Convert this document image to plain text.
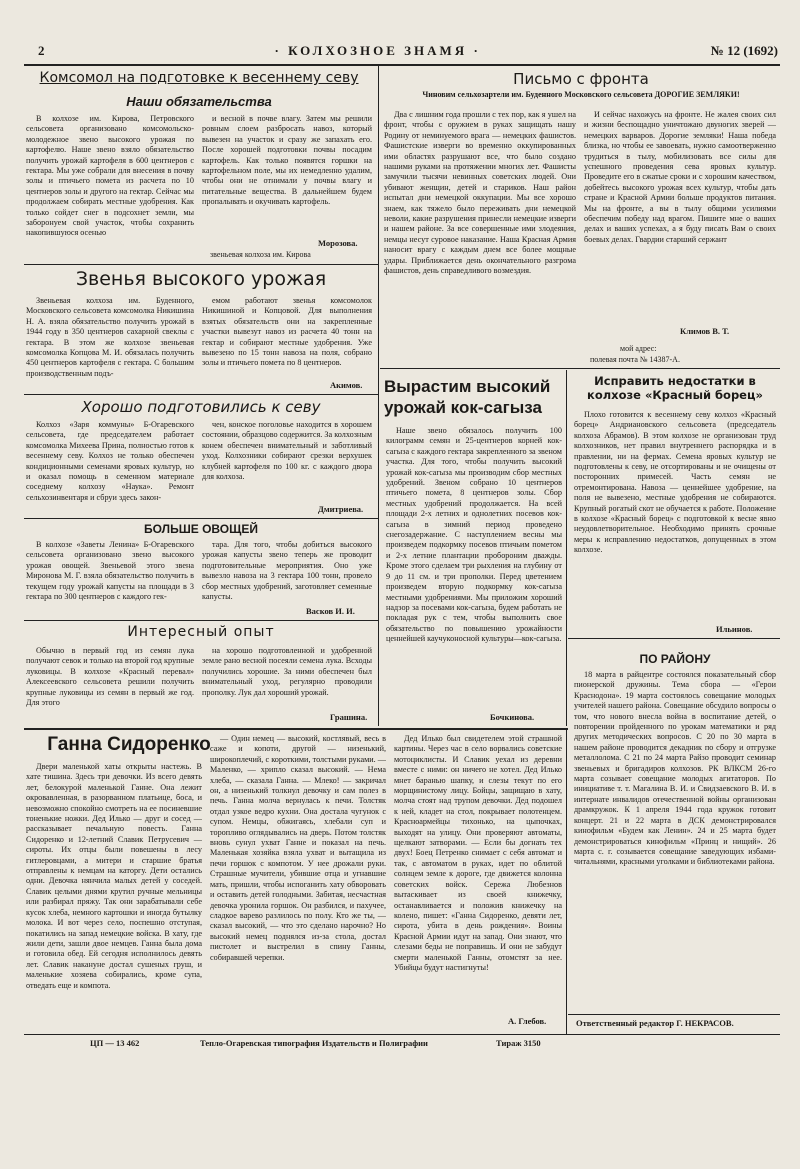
2	· КОЛХОЗНОЕ ЗНАМЯ ·	№ 12 (1692)
Комсомол на подготовке к весеннему севу
Наши обязательства

В колхозе им. Кирова, Петровского сельсовета организовано комсомольско-молодежное звено высокого урожая по картофелю. Наше звено взяло обязательство получить урожай картофеля в 600 центнеров с гектара. Мы уже собрали для внесения в почву золы и птичьего помета из расчета по 10 центнеров золы и другого на гектар. Сейчас мы продолжаем собирать местные удобрения. Как только сойдет снег в подсохнет земли, мы заборонуем свой участок, чтобы сохранить накопившуюся осенью

и весной в почве влагу. Затем мы решили ровным слоем разбросать навоз, который вывезен на участок и сразу же запахать его. После хорошей подготовки почвы посадим картофель. Как только появятся горшки на картофельном поле, мы их немедленно удалим, чтобы они не отнимали у почвы влагу и питательные вещества. В дальнейшем будем пропалывать и окучивать картофель.

Морозова.
звеньевая колхоза им. Кирова
Звенья высокого урожая

Звеньевая колхоза им. Буденного, Московского сельсовета комсомолка Никишина Н. А. взяла обязательство получить урожай в 1944 году в 350 центнеров сахарной свеклы с гектара. В этом же колхозе звеньевая комсомолка Копцова М. И. обязалась получить 450 центнеров картофеля с гектара. С большим производственным подъ-

емом работают звенья комсомолок Никишиной и Копцовой. Для выполнения взятых обязательств они на закрепленные участки вывезут навоз из расчета 40 тонн на гектар и собирают местные удобрения. Уже вывезено по 15 тонн навоза на поля, собрано золы и птичьего помета по 8 центнеров.

Акимов.
Хорошо подготовились к севу

Колхоз «Заря коммуны» Б-Огаревского сельсовета, где председателем работает комсомолка Михеева Прина, полностью готов к весеннему севу. Колхоз не только обеспечен кондиционными семенами яровых культур, но и оказал помощь в семенном материале соседнему колхозу «Наука». Ремонт сельхозинвентаря и сбруи здесь закон-

чен, конское поголовье находится в хорошем состоянии, образцово содержится. За колхозным конем обеспечен внимательный и заботливый уход. Колхозники собирают срезки верхушек клубней картофеля по 100 кг. с каждого двора для колхоза.

Дмитриева.
БОЛЬШЕ ОВОЩЕЙ

В колхозе «Заветы Ленина» Б-Огаревского сельсовета организовано звено высокого урожая овощей. Звеньевой этого звена Миронова М. Г. взяла обязательство получить в текущем году урожай капусты на площади в 3 гектара по 300 центнеров с каждого гек-

тара. Для того, чтобы добиться высокого урожая капусты звено теперь же проводит подготовительные мероприятия. Оно уже вывезло навоза на 3 гектара 100 тонн, провело сбор местных удобрений, заготовляет семенные капусты.

Васков И. И.
Интересный опыт

Обычно в первый год из семян лука получают севок и только на второй год крупные луковицы. В колхозе «Красный перевал» Алексеевского сельсовета решили получить крупные луковицы из семян в первый же год. Для этого

на хорошо подготовленной и удобренной земле рано весной посеяли семена лука. Всходы получились хорошие. За ними обеспечен был внимательный уход, регулярно проводили прополку. Лук дал хороший урожай.

Грашина.
Письмо с фронта
Чиновим сельхозартели им. Буденного Московского сельсовета ДОРОГИЕ ЗЕМЛЯКИ!

Два с лишним года прошли с тех пор, как я ушел на фронт, чтобы с оружием в руках защищать нашу Родину от неминуемого врага — немецких фашистов. Фашистские изверги во временно оккупированных ими областях разрушают все, что было создано нашими руками на протяжении многих лет. Фашисты замучили тысячи невинных советских людей. Они убивают женщин, детей и стариков. Наш район испытал дни немецкой оккупации. Мы все хорошо знаем, как тяжело было переживать дни немецкой неволи, какие разрушения принесли немецкие изверги и нашем районе. За все совершенные ими злодеяния, немцы несут суровое наказание. Наша Красная Армия наносит врагу с каждым днем все более мощные удары. Приближается день окончательного разгрома фашистов, день справедливого возмездия.

И сейчас нахожусь на фронте. Не жалея своих сил и жизни беспощадно уничтожаю двуногих зверей — немецких варваров. Дорогие земляки! Наша победа близка, но чтобы ее завоевать, нужно самоотверженно трудиться в тылу, мобилизовать все силы для успешного проведения сева яровых культур. Проведите его в сжатые сроки и с хорошим качеством, добейтесь высокого урожая всех культур, чтобы дать стране и Красной Армии больше продуктов питания. Мы на фронте, а вы в тылу общими усилиями обеспечим победу над врагом. Пишите мне о ваших делах и ваших успехах, а я буду писать Вам о своих боевых делах. Гвардии старший сержант

Климов В. Т.
мой адрес:
полевая почта № 14387-А.
Вырастим высокий урожай кок-сагыза

Наше звено обязалось получить 100 килограмм семян и 25-центнеров корней кок-сагыза с каждого гектара закрепленного за звеном участка. Для того, чтобы получить высокий урожай кок-сагыза мы производим сбор местных удобрений. Звеном собрано 10 центнеров птичьего помета, 8 центнеров золы. Сбор местных удобрений продолжается. На всей площади 2-х летних и однолетних посевов кок-сагыза в зимний период проведено снегозадержание. С наступлением весны мы произведем подкормку посевов птичьим пометом и 2-х летние плантации пробороним дважды. Кроме этого сделаем три рыхления на глубину от 9 до 11 см. и три прополки. Перед цветением произведем вторую подкормку кок-сагыза местными удобрениями. Мы приложим хороший надзор за посевами кок-сагыза, будем работать не покладая рук с тем, чтобы выполнить свое обязательство по повышению урожайности ценнейшей каучуконосной культуры—кок-сагыза.

Бочкинова.
Исправить недостатки в колхозе «Красный борец»

Плохо готовится к весеннему севу колхоз «Красный борец» Андриановского сельсовета (председатель колхоза Абрамов). В этом колхозе не организован труд колхозников, нет правил внутреннего распорядка и в правлении, ни на фермах. Семена яровых культур не подготовлены к севу, не отсортированы и не очищены от посторонних примесей. Часть семян не отремонтирована. Навоза — ценнейшее удобрение, на поля не вывезено, местные удобрения не собираются. Крупный рогатый скот не обучается к работе. Положение в колхозе «Красный борец» с подготовкой к весне явно неудовлетворительное. Необходимо принять срочные меры к исправлению недостатков, допущенных в этом колхозе.

Ильинов.
ПО РАЙОНУ

18 марта в райцентре состоялся показательный сбор пионерской дружины. Тема сбора — «Герои Краснодона». 19 марта состоялось совещание молодых учителей нашего района. Совещание обсудило вопросы о том, что нового внесла война в воспитание детей, о повторении пройденного по урокам математики и ряд других методических вопросов. С 20 по 30 марта в нашем районе проводится декадник по сбору и отгрузке металлолома. С 21 по 24 марта Райзо проводит семинар звеньевых и бригадиров колхозов. РК ВЛКСМ 26-го марта созывает совещание молодых агитаторов. По инициативе т. т. Магалина В. И. и Свидзаевского В. И. в интернате инвалидов отечественной войны организован драмкружок. К 1 апреля 1944 года кружок готовит концерт. 21 и 22 марта в ДСК демонстрировался кинофильм «Будем как Ленин». 24 и 25 марта будет демонстрироваться кинофильм «Принц и нищий». 26 марта с. г. созывается совещание заведующих избами-читальнями, красными уголками и библиотеками района.

Ответственный редактор Г. НЕКРАСОВ.
Ганна Сидоренко

Двери маленькой хаты открыты настежь. В хате тишина. Здесь три девочки. Из всего девять лет, белокурой маленькой Ганне. Она лежит окровавленная, в разорванном платьице, боса, и невозможно спокойно смотреть на ее посиневшие тоненькие ножки. Дед Илько — друг и сосед — рассказывает печальную повесть. Ганна Сидоренко и 12-летний Славик Петрусевич — сироты. Их отцы были повешены в лесу гитлеровцами, а митери и старшие братья отправлены к немцам на каторгу. Дети остались одни. Девочка нянчила малых детей у соседей. Славик целыми днями крутил ручные мельницы или разбирал пряжу. Так они зарабатывали себе кусок хлеба, немного картошки и иногда бутылку молока. И вот через село, поспешно отступая, покатились на запад немецкие войска. В хату, где жили дети, зашли двое немцев. Ганна была дома и готовила обед. Ей сегодня исполнилось девять лет. Славик накануне достал сушеных груш, и маленькие хозяева собирались, кроме супа, отведать еще и компота.

— Один немец — высокий, костлявый, весь в саже и копоти, другой — низенький, широкоплечий, с короткими, толстыми руками. — Маленко, — хрипло сказал высокий. — Нема хлеба, — сказала Ганна. — Млеко! — закричал он, а низенький толкнул девочку и сам полез в печь. Ганна молча вернулась к печи. Толстяк отдал узкое ведро кухни. Она достала чугунок с супом. Немцы, обжигаясь, хлебали суп и торопливо оглядывались на дверь. Потом толстяк вновь сунул ухват Ганне и показал на печь. Маленькая хозяйка взяла ухват и вытащила из печи горшок с компотом. У нее дрожали руки. Страшные мучители, убившие отца и угнавшие мать, пришли, чтобы испоганить хату обворовать и оставить детей голодными. Забитая, несчастная девочка уронила горшок. Он разбился, и пахучее, сладкое варево разлилось по полу. Кто же ты, — сказал высокий, — что это сделано нарочно? Но высокий немец поднялся из-за стола, достал пистолет и выстрелил в спину Ганны, собиравшей черепки.

Дед Илько был свидетелем этой страшной картины. Через час в село ворвались советские мотоциклисты. И Славик уехал из деревни вместе с ними: он ничего не хотел. Дед Илько мнет баранью шапку, и слезы текут по его морщинистому лицу. Бойцы, защищаю в хату, молча стоят над трупом девочки. Дед подошел к ней, кладет на стол, покрывает полотенцем. Красноармейцы тихонько, на цыпочках, выходят на улицу. Они проверяют автоматы, щелкают затворами. — Если бы догнать тех двух! Боец Петренко снимает с себя автомат и так, с автоматом в руках, идет по облитой солнцем земле к дороге, где движется колонна советских войск. Сережа Любезнов вытаскивает из своей книжечку, останавливается и положив книжечку на колено, пишет: «Ганна Сидоренко, девяти лет, сирота, убита в день рождения». Воины Красной Армии идут на запад. Они знают, что слезами беды не поправишь. И они не забудут смерти маленькой Ганны, отомстят за нее. Убийцы будут настигнуты!

А. Глебов.
ЦП — 13 462	Тепло-Огаревская типография Издательств и Полиграфии	Тираж 3150
